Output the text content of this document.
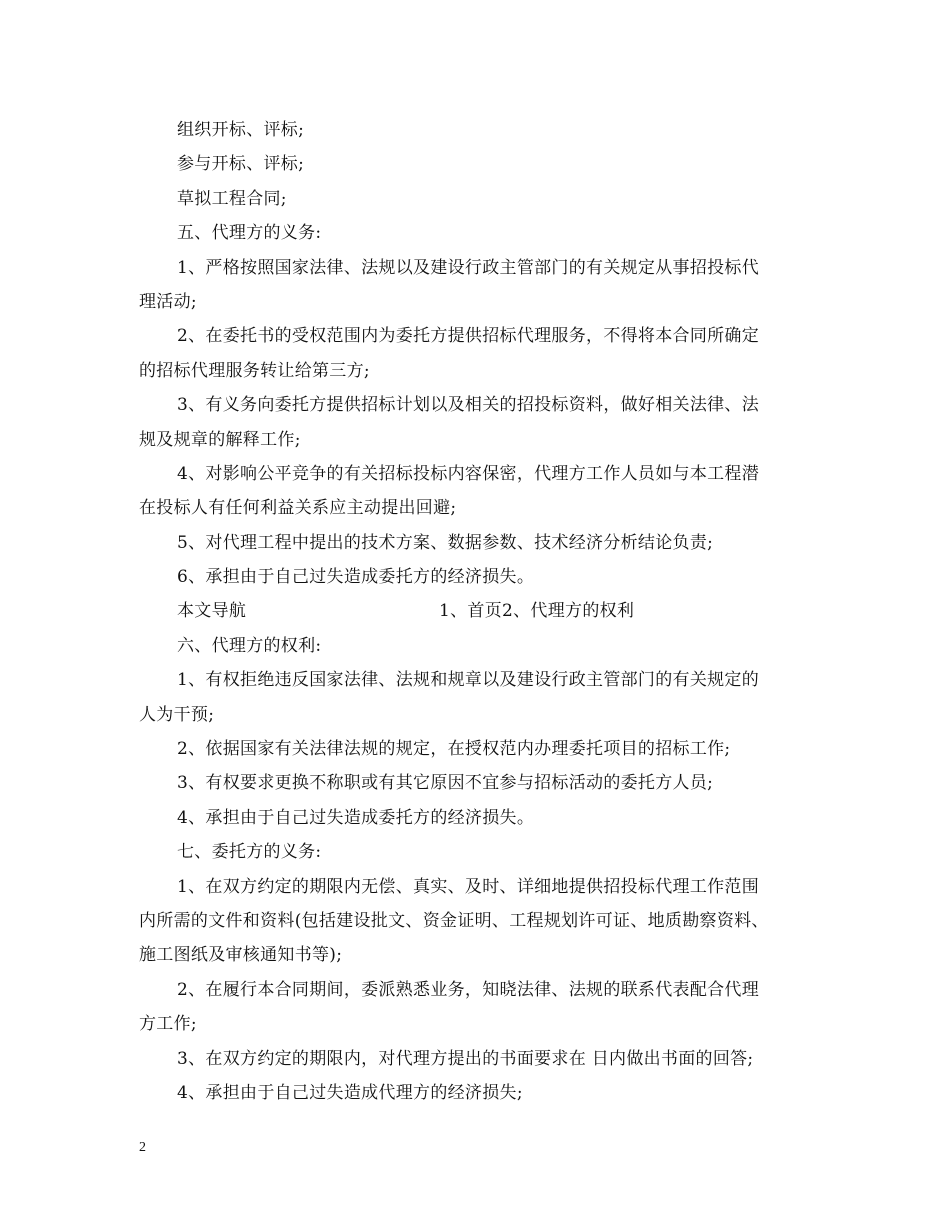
组织开标、评标;
参与开标、评标;
草拟工程合同;
五、代理方的义务:
1、严格按照国家法律、法规以及建设行政主管部门的有关规定从事招投标代
理活动;
2、在委托书的受权范围内为委托方提供招标代理服务，不得将本合同所确定
的招标代理服务转让给第三方;
3、有义务向委托方提供招标计划以及相关的招投标资料，做好相关法律、法
规及规章的解释工作;
4、对影响公平竞争的有关招标投标内容保密，代理方工作人员如与本工程潜
在投标人有任何利益关系应主动提出回避;
5、对代理工程中提出的技术方案、数据参数、技术经济分析结论负责;
6、承担由于自己过失造成委托方的经济损失。
本文导航	1、首页2、代理方的权利
六、代理方的权利:
1、有权拒绝违反国家法律、法规和规章以及建设行政主管部门的有关规定的
人为干预;
2、依据国家有关法律法规的规定，在授权范内办理委托项目的招标工作;
3、有权要求更换不称职或有其它原因不宜参与招标活动的委托方人员;
4、承担由于自己过失造成委托方的经济损失。
七、委托方的义务:
1、在双方约定的期限内无偿、真实、及时、详细地提供招投标代理工作范围
内所需的文件和资料(包括建设批文、资金证明、工程规划许可证、地质勘察资料、
施工图纸及审核通知书等);
2、在履行本合同期间，委派熟悉业务，知晓法律、法规的联系代表配合代理
方工作;
3、在双方约定的期限内，对代理方提出的书面要求在 日内做出书面的回答;
4、承担由于自己过失造成代理方的经济损失;
2
